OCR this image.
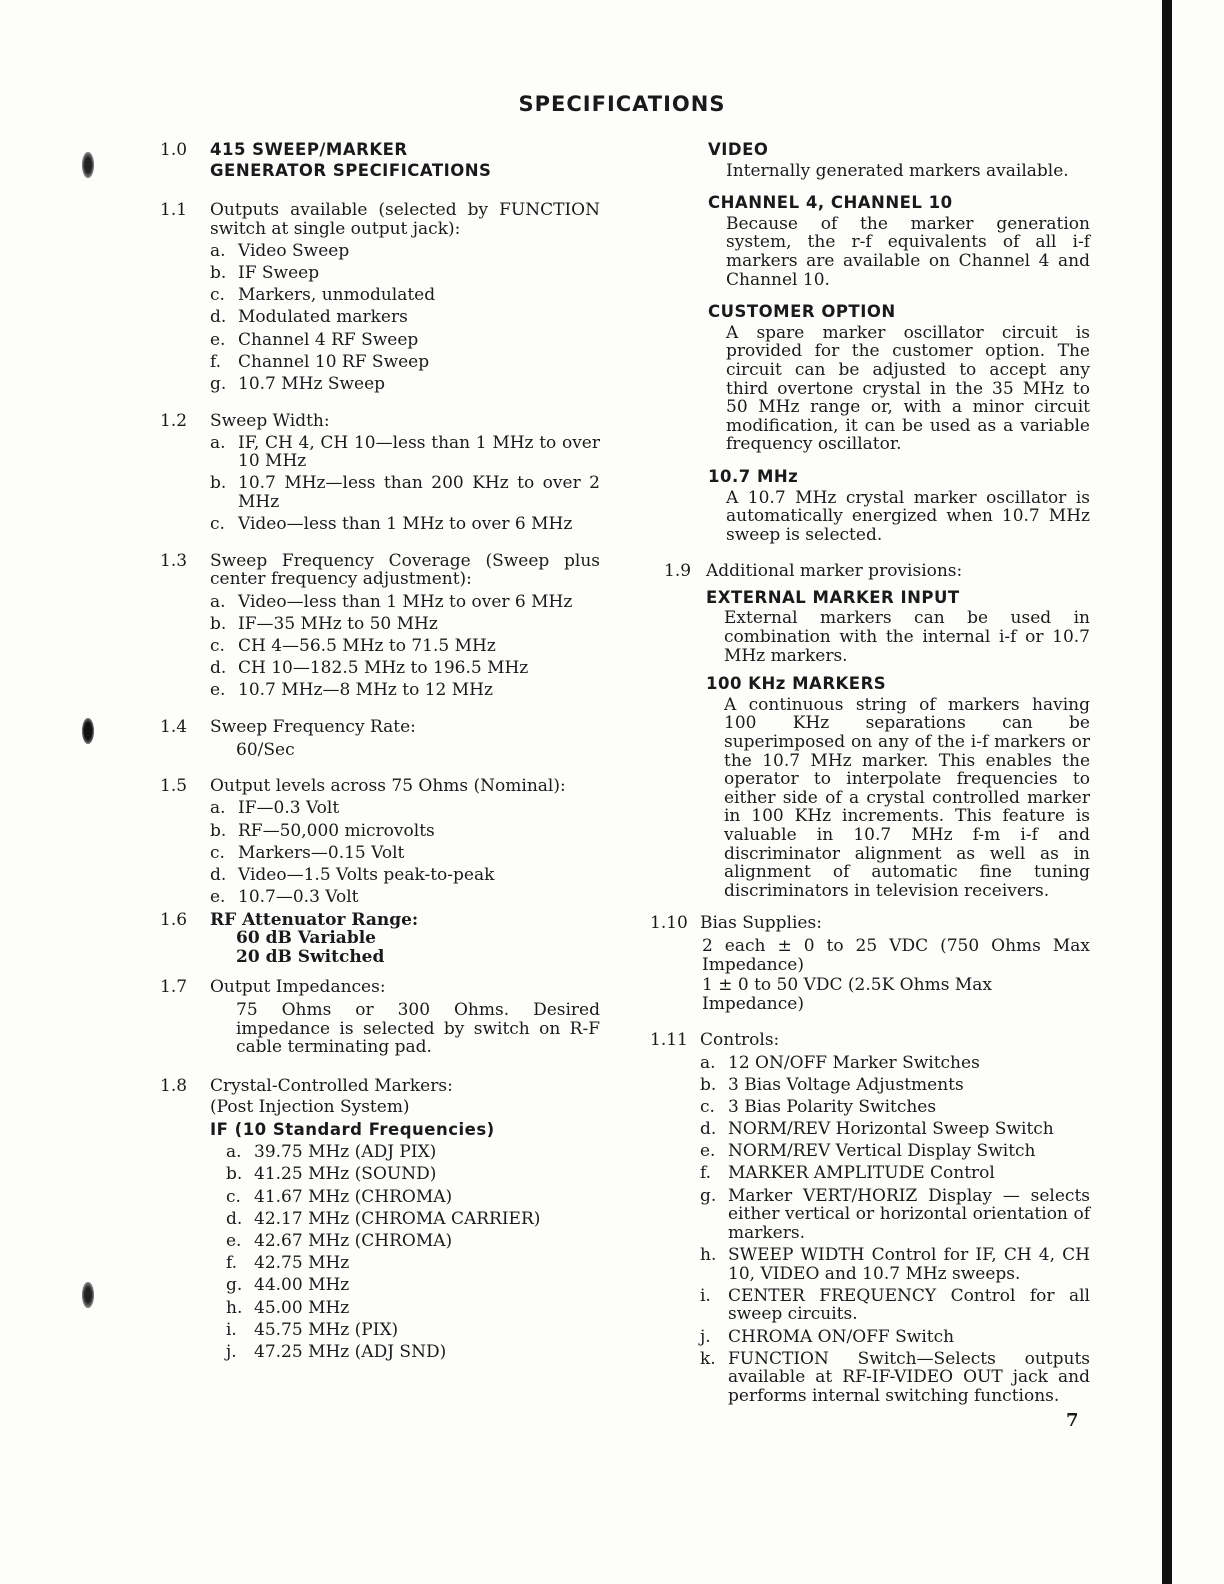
SPECIFICATIONS
1.0	415 SWEEP/MARKER GENERATOR SPECIFICATIONS
1.1	Outputs available (selected by FUNCTION switch at single output jack):
a. Video Sweep
b. IF Sweep
c. Markers, unmodulated
d. Modulated markers
e. Channel 4 RF Sweep
f. Channel 10 RF Sweep
g. 10.7 MHz Sweep
1.2	Sweep Width:
a. IF, CH 4, CH 10—less than 1 MHz to over 10 MHz
b. 10.7 MHz—less than 200 KHz to over 2 MHz
c. Video—less than 1 MHz to over 6 MHz
1.3	Sweep Frequency Coverage (Sweep plus center frequency adjustment):
a. Video—less than 1 MHz to over 6 MHz
b. IF—35 MHz to 50 MHz
c. CH 4—56.5 MHz to 71.5 MHz
d. CH 10—182.5 MHz to 196.5 MHz
e. 10.7 MHz—8 MHz to 12 MHz
1.4	Sweep Frequency Rate:
60/Sec
1.5	Output levels across 75 Ohms (Nominal):
a. IF—0.3 Volt
b. RF—50,000 microvolts
c. Markers—0.15 Volt
d. Video—1.5 Volts peak-to-peak
e. 10.7—0.3 Volt
1.6	RF Attenuator Range:
60 dB Variable
20 dB Switched
1.7	Output Impedances:
75 Ohms or 300 Ohms. Desired impedance is selected by switch on R-F cable terminating pad.
1.8	Crystal-Controlled Markers:
(Post Injection System)
IF (10 Standard Frequencies)
a. 39.75 MHz (ADJ PIX)
b. 41.25 MHz (SOUND)
c. 41.67 MHz (CHROMA)
d. 42.17 MHz (CHROMA CARRIER)
e. 42.67 MHz (CHROMA)
f. 42.75 MHz
g. 44.00 MHz
h. 45.00 MHz
i.	45.75 MHz (PIX)
j.	47.25 MHz (ADJ SND)
VIDEO
Internally generated markers available.
CHANNEL 4, CHANNEL 10
Because of the marker generation system, the r-f equivalents of all i-f markers are available on Channel 4 and Channel 10.
CUSTOMER OPTION
A spare marker oscillator circuit is provided for the customer option. The circuit can be adjusted to accept any third overtone crystal in the 35 MHz to 50 MHz range or, with a minor circuit modification, it can be used as a variable frequency oscillator.
10.7 MHz
A 10.7 MHz crystal marker oscillator is automatically energized when 10.7 MHz sweep is selected.
1.9 Additional marker provisions:
EXTERNAL MARKER INPUT
External markers can be used in combination with the internal i-f or 10.7 MHz markers.
100 KHz MARKERS
A continuous string of markers having 100 KHz separations can be superimposed on any of the i-f markers or the 10.7 MHz marker. This enables the operator to interpolate frequencies to either side of a crystal controlled marker in 100 KHz increments. This feature is valuable in 10.7 MHz f-m i-f and discriminator alignment as well as in alignment of automatic fine tuning discriminators in television receivers.
1.10 Bias Supplies:
2 each ± 0 to 25 VDC (750 Ohms Max Impedance)
1 ± 0 to 50 VDC (2.5K Ohms Max Impedance)
1.11 Controls:
a. 12 ON/OFF Marker Switches
b. 3 Bias Voltage Adjustments
c. 3 Bias Polarity Switches
d. NORM/REV Horizontal Sweep Switch
e. NORM/REV Vertical Display Switch
f. MARKER AMPLITUDE Control
g. Marker VERT/HORIZ Display — selects either vertical or horizontal orientation of markers.
h. SWEEP WIDTH Control for IF, CH 4, CH 10, VIDEO and 10.7 MHz sweeps.
i.	CENTER FREQUENCY Control for all sweep circuits.
j.	CHROMA ON/OFF Switch
k. FUNCTION Switch—Selects outputs available at RF-IF-VIDEO OUT jack and performs internal switching functions.
7
